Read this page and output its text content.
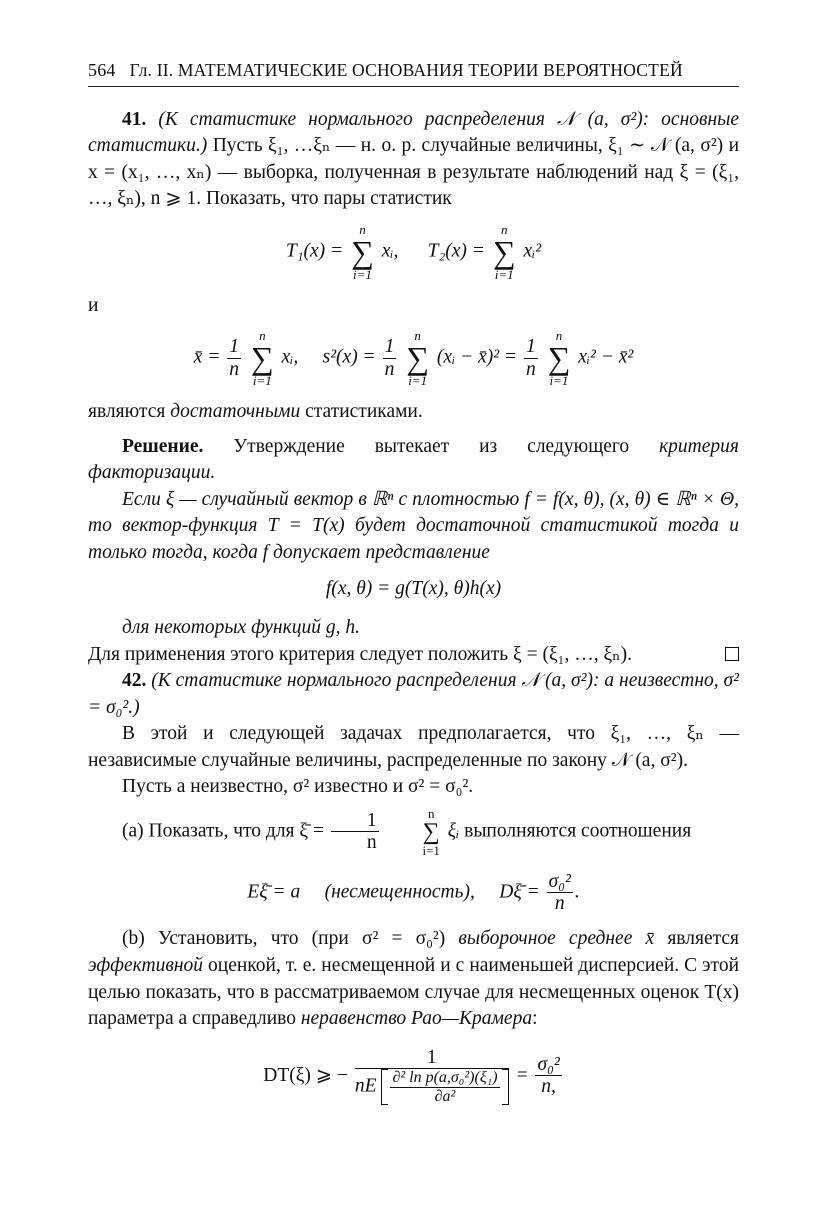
564 Гл. II. МАТЕМАТИЧЕСКИЕ ОСНОВАНИЯ ТЕОРИИ ВЕРОЯТНОСТЕЙ

41. (К статистике нормального распределения 𝒩 (a, σ²): основные статистики.) Пусть ξ₁, …ξₙ — н. о. р. случайные величины, ξ₁ ∼ 𝒩 (a, σ²) и x = (x₁, …, xₙ) — выборка, полученная в результате наблюдений над ξ = (ξ₁, …, ξₙ), n ⩾ 1. Показать, что пары статистик

T₁(x) =
n
∑
i=1
xᵢ, T₂(x) =
n
∑
i=1
xᵢ²

и

x̄ = $\frac{1}{n}$

n
∑
i=1
xᵢ, $s^2(x) = \frac{1}{n}$

n
∑
i=1
(xᵢ − x̄)² = $\frac{1}{n}$

n
∑
i=1
xᵢ² − x̄²

являются достаточными статистиками.

Решение. Утверждение вытекает из следующего критерия факторизации.

Если ξ — случайный вектор в ℝⁿ с плотностью f = f(x, θ), (x, θ) ∈ ℝⁿ × Θ, то вектор-функция T = T(x) будет достаточной статистикой тогда и только тогда, когда f допускает представление

f(x, θ) = g(T(x), θ)h(x)

для некоторых функций g, h.

Для применения этого критерия следует положить ξ = (ξ₁, …, ξₙ).

42. (К статистике нормального распределения 𝒩 (a, σ²): a неизвестно, σ² = σ₀².)

В этой и следующей задачах предполагается, что ξ₁, …, ξₙ — независимые случайные величины, распределенные по закону 𝒩 (a, σ²).

Пусть a неизвестно, σ² известно и σ² = σ₀².

(a) Показать, что для ξ̄ = $\frac{1}{n}$
	n
∑
i=1
ξᵢ выполняются соотношения

Eξ̄ = a (несмещенность), Dξ̄ = $\frac{\text{σ₀²}}{n}$ .

(b) Установить, что (при σ² = σ₀²) выборочное среднее x̄ является эффективной оценкой, т. е. несмещенной и с наименьшей дисперсией. С этой целью показать, что в рассматриваемом случае для несмещенных оценок T(x) параметра a справедливо неравенство Рао—Крамера:

DT(ξ) ⩾ − $\frac{1}{nE \frac{\text{∂² ln p(a,σ₀²)(ξ₁)}}{\text{∂a²}}} = \frac{\text{σ₀²}}{n,}$
